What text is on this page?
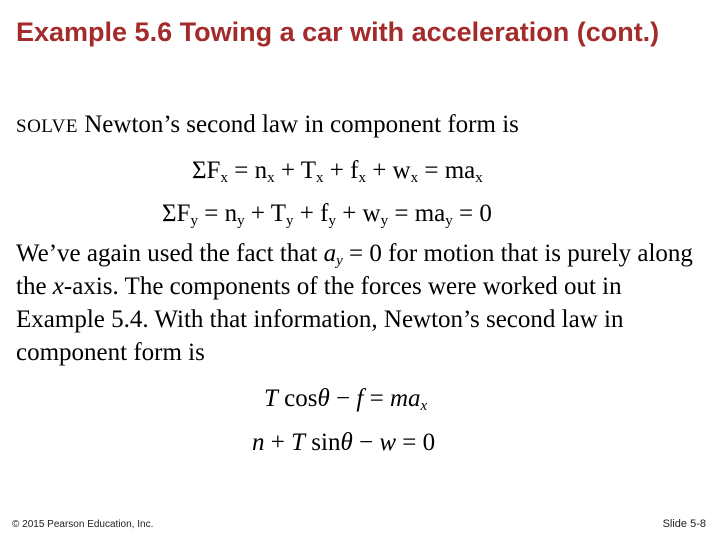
Example 5.6 Towing a car with acceleration (cont.)
SOLVE Newton’s second law in component form is
$\Sigma F_x = n_x + T_x + f_x + w_x = ma_x$
$\Sigma F_y = n_y + T_y + f_y + w_y = ma_y = 0$

We’ve again used the fact that $a_y = 0$ for motion that is purely along the x-axis. The components of the forces were worked out in Example 5.4. With that information, Newton’s second law in component form is

T $\cos\theta - f = ma_x$
n + T sinθ − w = 0
© 2015 Pearson Education, Inc.	Slide 5-8
